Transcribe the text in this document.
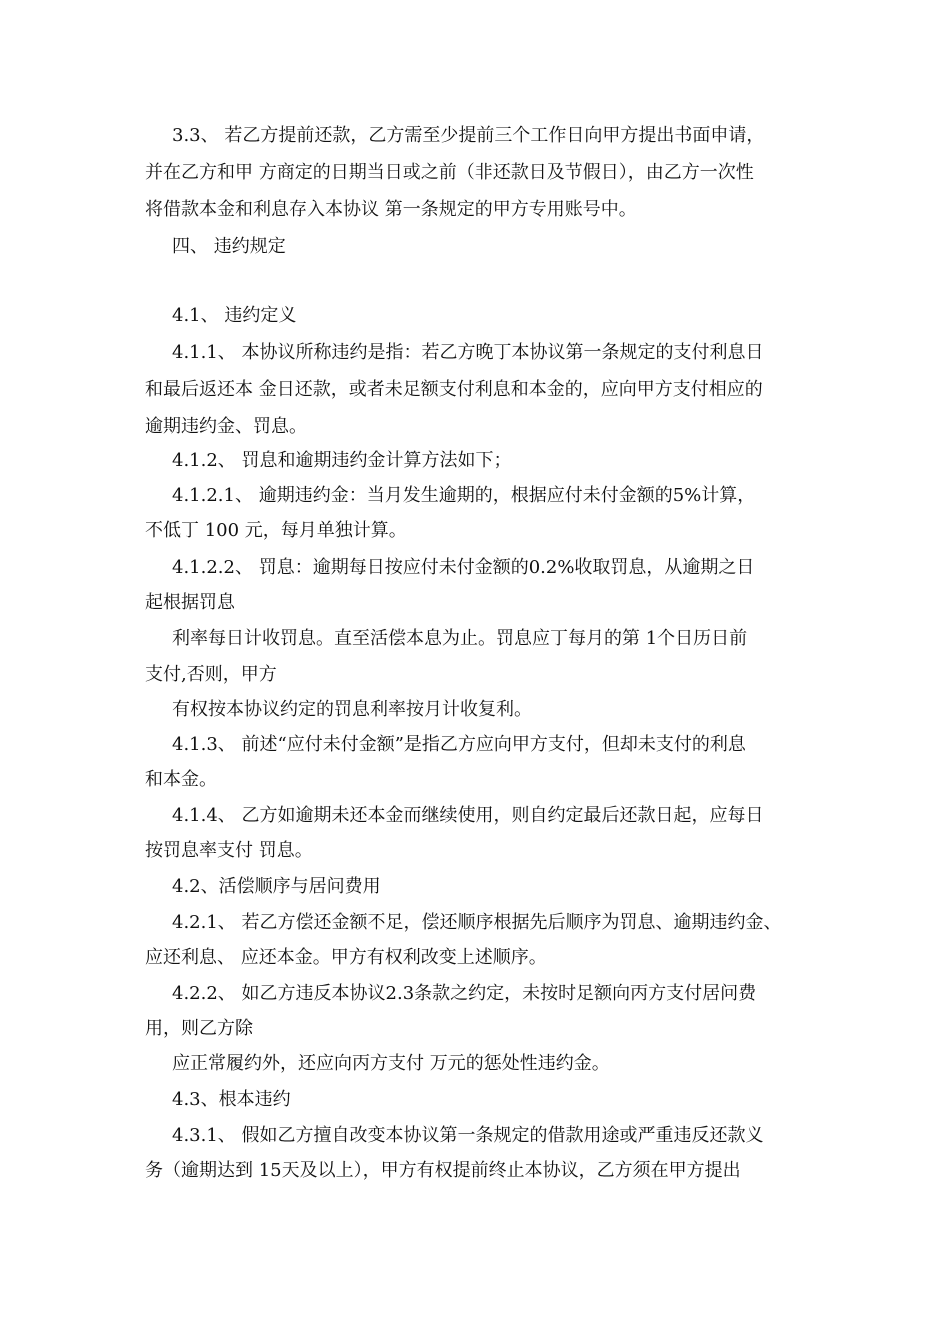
3.3、 若乙方提前还款，乙方需至少提前三个工作日向甲方提出书面申请，
并在乙方和甲 方商定的日期当日或之前（非还款日及节假日），由乙方一次性
将借款本金和利息存入本协议 第一条规定的甲方专用账号中。
四、 违约规定
4.1、 违约定义
4.1.1、 本协议所称违约是指：若乙方晚丁本协议第一条规定的支付利息日
和最后返还本 金日还款，或者未足额支付利息和本金的，应向甲方支付相应的
逾期违约金、罚息。
4.1.2、 罚息和逾期违约金计算方法如下；
4.1.2.1、 逾期违约金：当月发生逾期的，根据应付未付金额的5%计算，
不低丁 100 元，每月单独计算。
4.1.2.2、 罚息：逾期每日按应付未付金额的0.2%收取罚息，从逾期之日
起根据罚息
利率每日计收罚息。直至活偿本息为止。罚息应丁每月的第 1个日历日前
支付,否则，甲方
有权按本协议约定的罚息利率按月计收复利。
4.1.3、 前述“应付未付金额”是指乙方应向甲方支付，但却未支付的利息
和本金。
4.1.4、 乙方如逾期未还本金而继续使用，则自约定最后还款日起，应每日
按罚息率支付 罚息。
4.2、活偿顺序与居问费用
4.2.1、 若乙方偿还金额不足，偿还顺序根据先后顺序为罚息、逾期违约金、
应还利息、 应还本金。甲方有权利改变上述顺序。
4.2.2、 如乙方违反本协议2.3条款之约定，未按时足额向丙方支付居问费
用，则乙方除
应正常履约外，还应向丙方支付 万元的惩处性违约金。
4.3、根本违约
4.3.1、 假如乙方擅自改变本协议第一条规定的借款用途或严重违反还款义
务（逾期达到 15天及以上），甲方有权提前终止本协议，乙方须在甲方提出
